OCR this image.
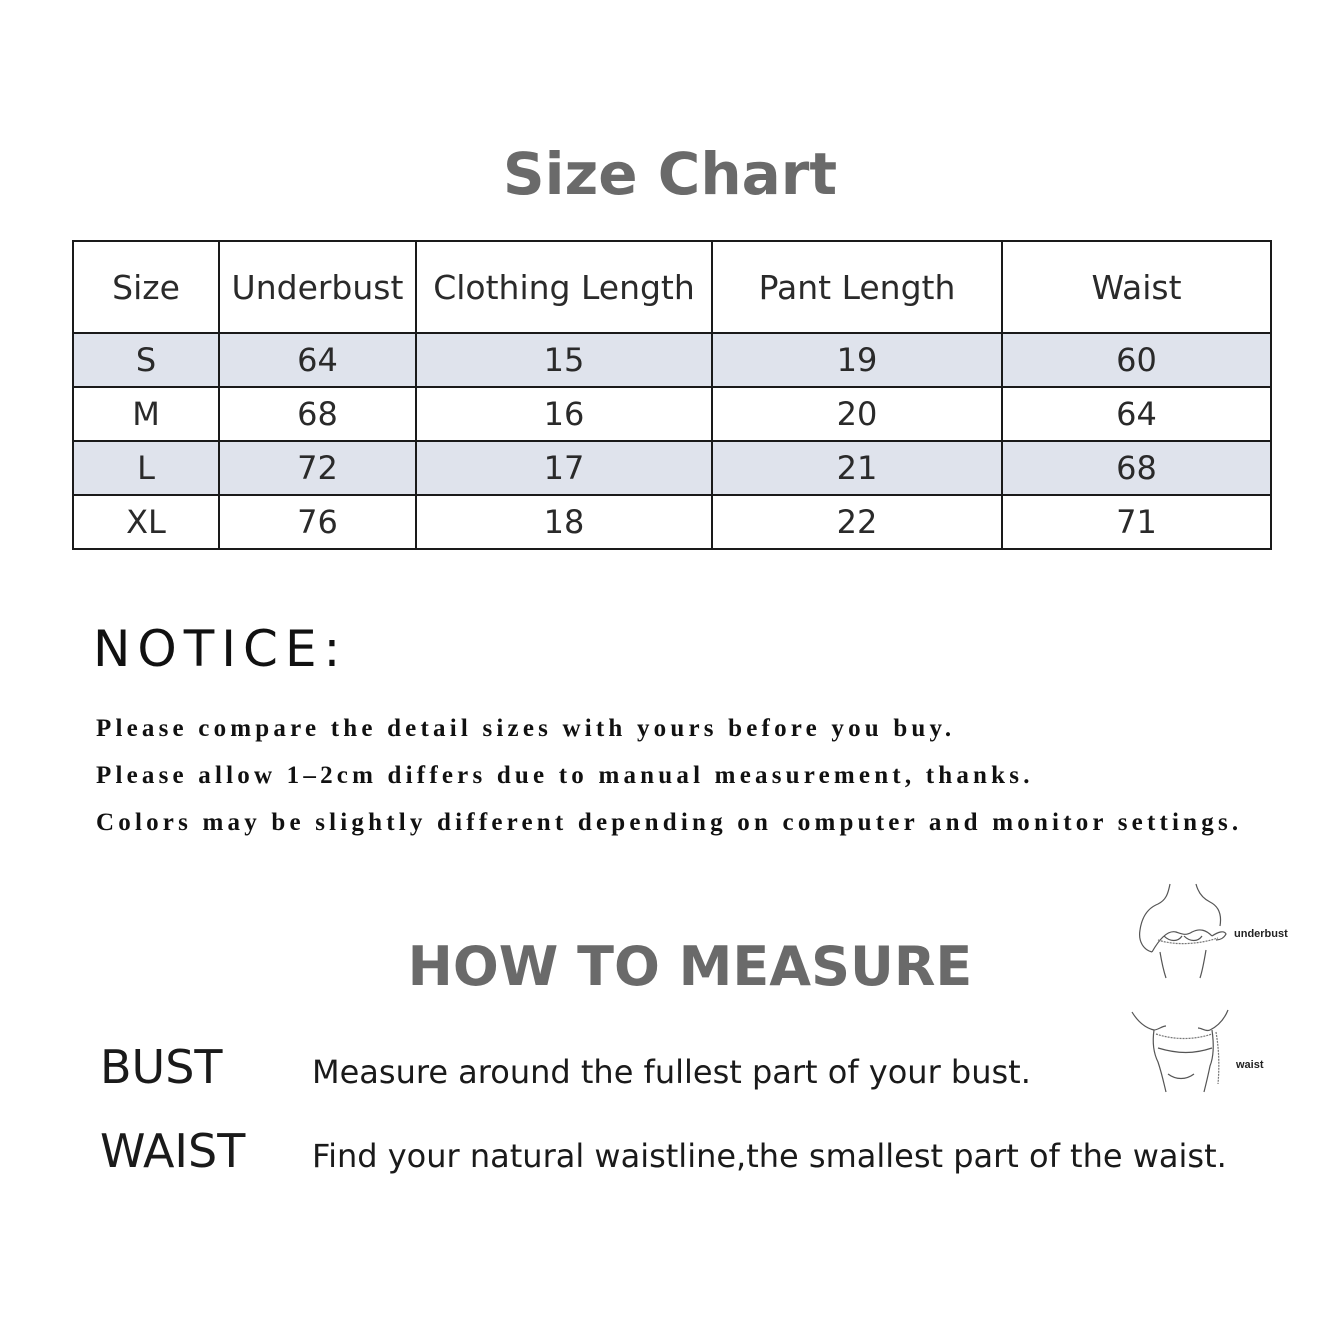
Size Chart
Size	Underbust	Clothing Length	Pant Length	Waist
S	64	15	19	60
M	68	16	20	64
L	72	17	21	68
XL	76	18	22	71
NOTICE:
Please compare the detail sizes with yours before you buy.
Please allow 1–2cm differs due to manual measurement, thanks.
Colors may be slightly different depending on computer and monitor settings.
HOW TO MEASURE
BUST	Measure around the fullest part of your bust.
WAIST Find your natural waistline,the smallest part of the waist.
underbust
waist
